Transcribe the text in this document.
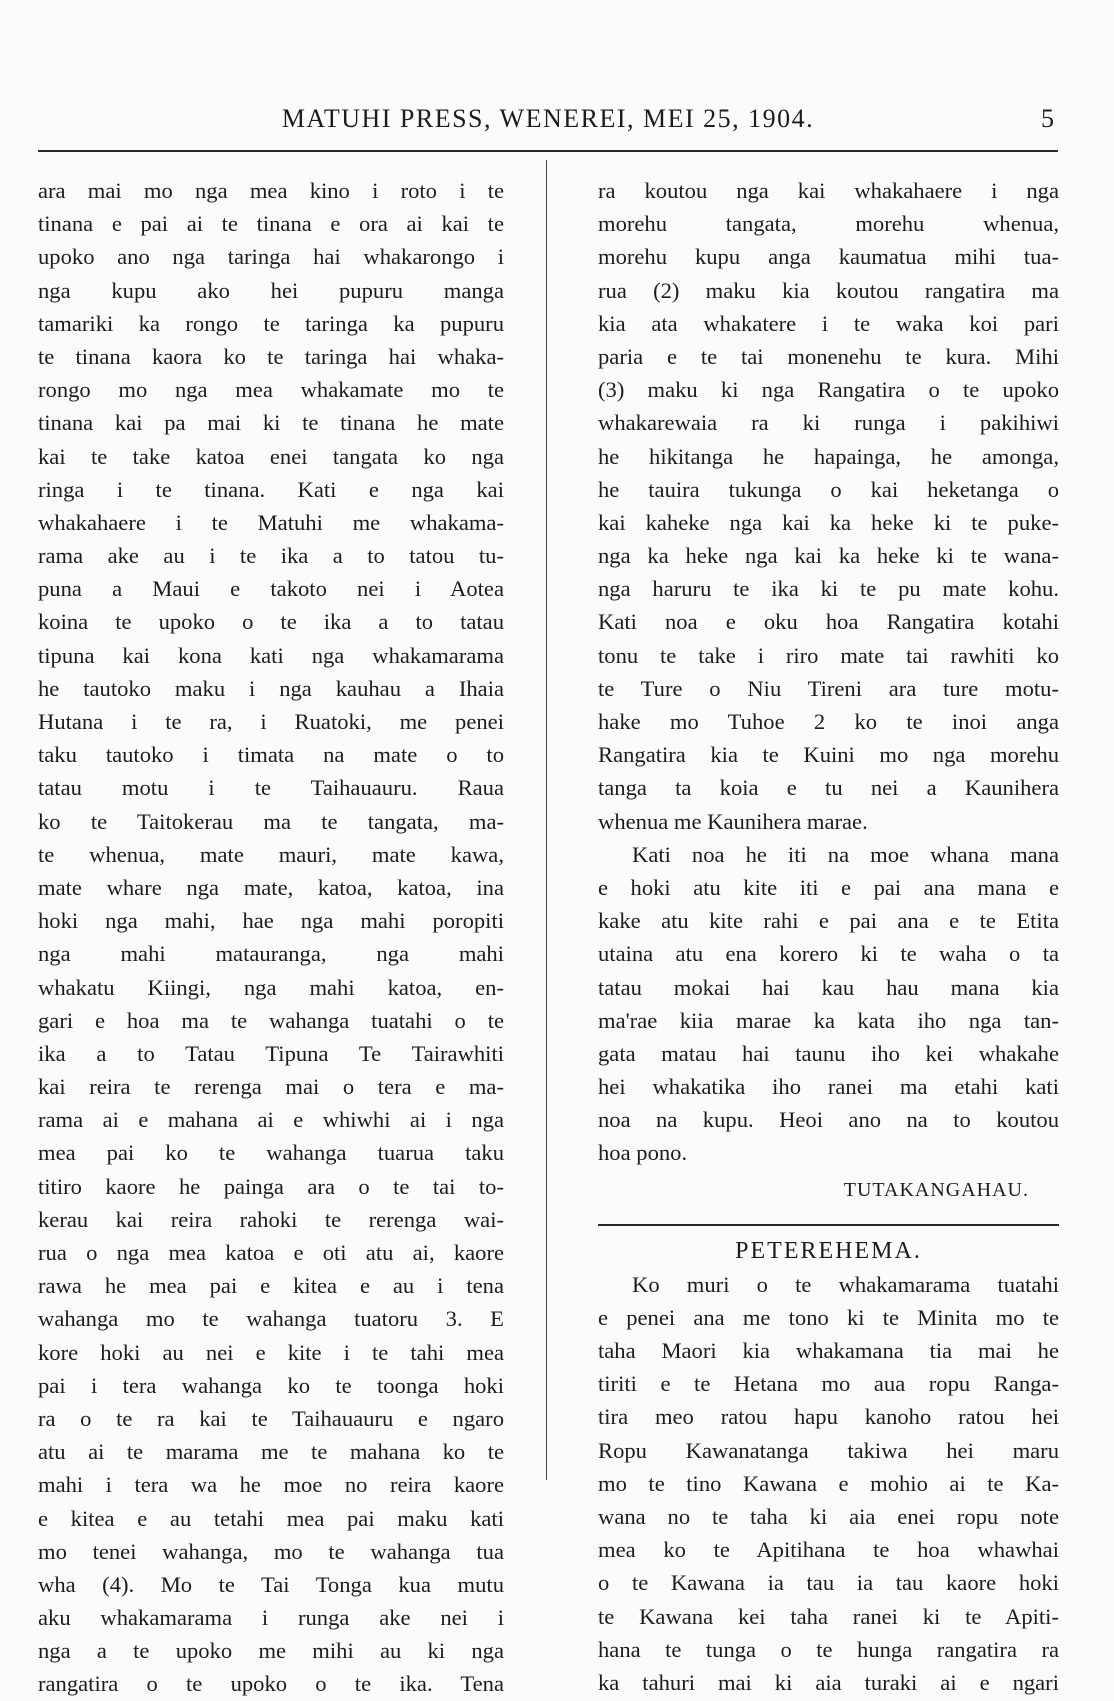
MATUHI PRESS, WENEREI, MEI 25, 1904.	5
ara mai mo nga mea kino i roto i te
tinana e pai ai te tinana e ora ai kai te
upoko ano nga taringa hai whakarongo i
nga kupu ako hei pupuru manga
tamariki ka rongo te taringa ka pupuru
te tinana kaora ko te taringa hai whaka-
rongo mo nga mea whakamate mo te
tinana kai pa mai ki te tinana he mate
kai te take katoa enei tangata ko nga
ringa i te tinana. Kati e nga kai
whakahaere i te Matuhi me whakama-
rama ake au i te ika a to tatou tu-
puna a Maui e takoto nei i Aotea
koina te upoko o te ika a to tatau
tipuna kai kona kati nga whakamarama
he tautoko maku i nga kauhau a Ihaia
Hutana i te ra, i Ruatoki, me penei
taku tautoko i timata na mate o to
tatau motu i te Taihauauru. Raua
ko te Taitokerau ma te tangata, ma-
te whenua, mate mauri, mate kawa,
mate whare nga mate, katoa, katoa, ina
hoki nga mahi, hae nga mahi poropiti
nga mahi matauranga, nga mahi
whakatu Kiingi, nga mahi katoa, en-
gari e hoa ma te wahanga tuatahi o te
ika a to Tatau Tipuna Te Tairawhiti
kai reira te rerenga mai o tera e ma-
rama ai e mahana ai e whiwhi ai i nga
mea pai ko te wahanga tuarua taku
titiro kaore he painga ara o te tai to-
kerau kai reira rahoki te rerenga wai-
rua o nga mea katoa e oti atu ai, kaore
rawa he mea pai e kitea e au i tena
wahanga mo te wahanga tuatoru 3. E
kore hoki au nei e kite i te tahi mea
pai i tera wahanga ko te toonga hoki
ra o te ra kai te Taihauauru e ngaro
atu ai te marama me te mahana ko te
mahi i tera wa he moe no reira kaore
e kitea e au tetahi mea pai maku kati
mo tenei wahanga, mo te wahanga tua
wha (4). Mo te Tai Tonga kua mutu
aku whakamarama i runga ake nei i
nga a te upoko me mihi au ki nga
rangatira o te upoko o te ika. Tena
ra koutou nga kai whakahaere i nga
morehu tangata, morehu whenua,
morehu kupu anga kaumatua mihi tua-
rua (2) maku kia koutou rangatira ma
kia ata whakatere i te waka koi pari
paria e te tai monenehu te kura. Mihi
(3) maku ki nga Rangatira o te upoko
whakarewaia ra ki runga i pakihiwi
he hikitanga he hapainga, he amonga,
he tauira tukunga o kai heketanga o
kai kaheke nga kai ka heke ki te puke-
nga ka heke nga kai ka heke ki te wana-
nga haruru te ika ki te pu mate kohu.
Kati noa e oku hoa Rangatira kotahi
tonu te take i riro mate tai rawhiti ko
te Ture o Niu Tireni ara ture motu-
hake mo Tuhoe 2 ko te inoi anga
Rangatira kia te Kuini mo nga morehu
tanga ta koia e tu nei a Kaunihera
whenua me Kaunihera marae.
Kati noa he iti na moe whana mana
e hoki atu kite iti e pai ana mana e
kake atu kite rahi e pai ana e te Etita
utaina atu ena korero ki te waha o ta
tatau mokai hai kau hau mana kia
ma'rae kiia marae ka kata iho nga tan-
gata matau hai taunu iho kei whakahe
hei whakatika iho ranei ma etahi kati
noa na kupu. Heoi ano na to koutou
hoa pono.
TUTAKANGAHAU.
PETEREHEMA.
Ko muri o te whakamarama tuatahi
e penei ana me tono ki te Minita mo te
taha Maori kia whakamana tia mai he
tiriti e te Hetana mo aua ropu Ranga-
tira meo ratou hapu kanoho ratou hei
Ropu Kawanatanga takiwa hei maru
mo te tino Kawana e mohio ai te Ka-
wana no te taha ki aia enei ropu note
mea ko te Apitihana te hoa whawhai
o te Kawana ia tau ia tau kaore hoki
te Kawana kei taha ranei ki te Apiti-
hana te tunga o te hunga rangatira ra
ka tahuri mai ki aia turaki ai e ngari
